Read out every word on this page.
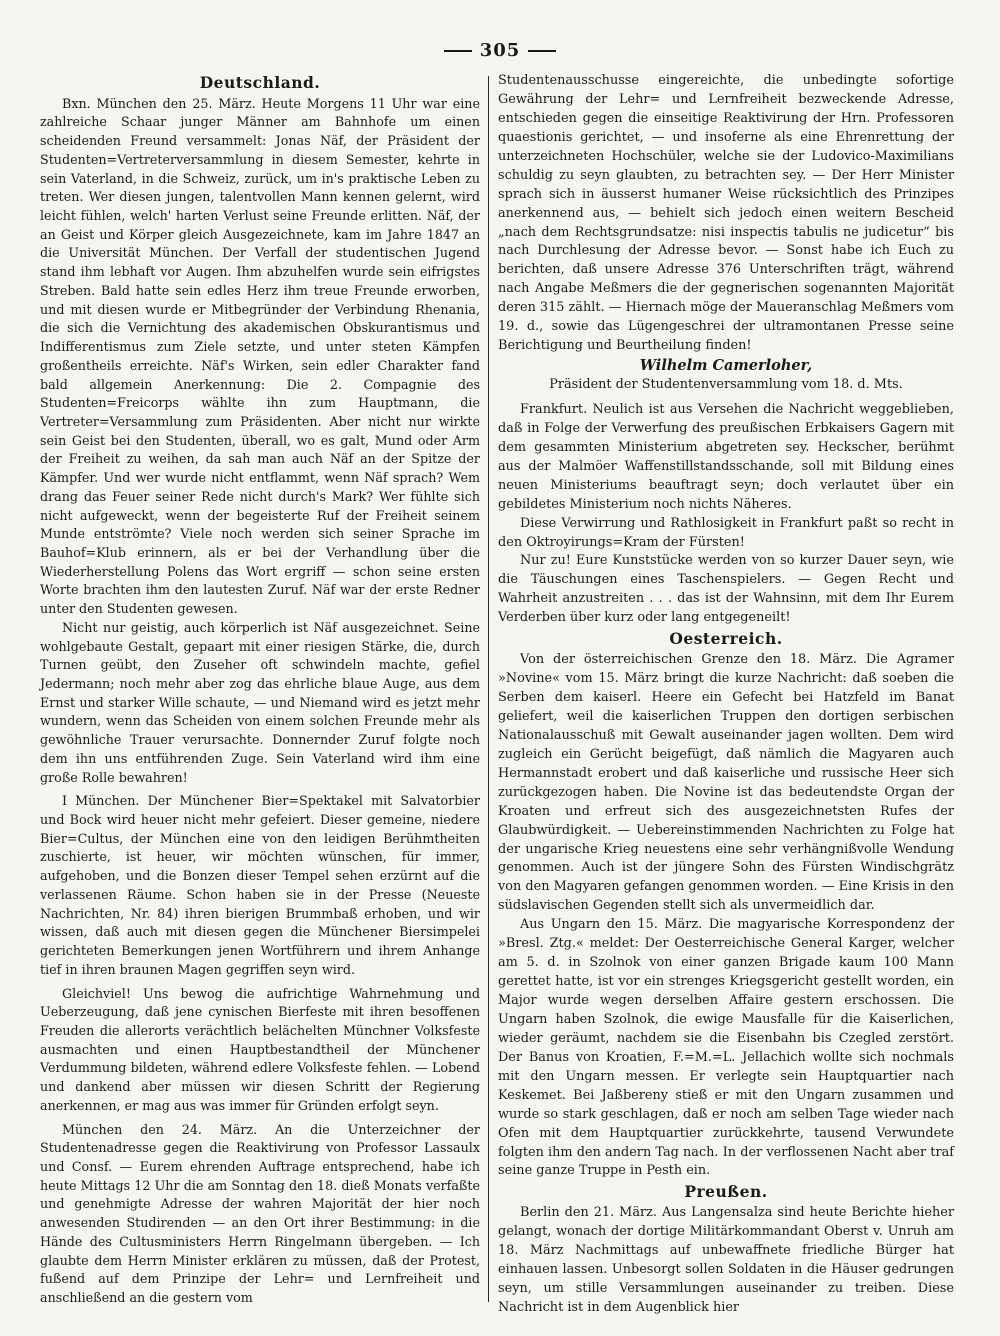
305
Deutschland.

Bxn. München den 25. März. Heute Morgens 11 Uhr war eine zahlreiche Schaar junger Männer am Bahnhofe um einen scheidenden Freund versammelt: Jonas Näf, der Präsident der Studenten=Vertreterversammlung in diesem Semester, kehrte in sein Vaterland, in die Schweiz, zurück, um in's praktische Leben zu treten. Wer diesen jungen, talentvollen Mann kennen gelernt, wird leicht fühlen, welch' harten Verlust seine Freunde erlitten. Näf, der an Geist und Körper gleich Ausgezeichnete, kam im Jahre 1847 an die Universität München. Der Verfall der studentischen Jugend stand ihm lebhaft vor Augen. Ihm abzuhelfen wurde sein eifrigstes Streben. Bald hatte sein edles Herz ihm treue Freunde erworben, und mit diesen wurde er Mitbegründer der Verbindung Rhenania, die sich die Vernichtung des akademischen Obskurantismus und Indifferentismus zum Ziele setzte, und unter steten Kämpfen großentheils erreichte. Näf's Wirken, sein edler Charakter fand bald allgemein Anerkennung: Die 2. Compagnie des Studenten=Freicorps wählte ihn zum Hauptmann, die Vertreter=Versammlung zum Präsidenten. Aber nicht nur wirkte sein Geist bei den Studenten, überall, wo es galt, Mund oder Arm der Freiheit zu weihen, da sah man auch Näf an der Spitze der Kämpfer. Und wer wurde nicht entflammt, wenn Näf sprach? Wem drang das Feuer seiner Rede nicht durch's Mark? Wer fühlte sich nicht aufgeweckt, wenn der begeisterte Ruf der Freiheit seinem Munde entströmte? Viele noch werden sich seiner Sprache im Bauhof=Klub erinnern, als er bei der Verhandlung über die Wiederherstellung Polens das Wort ergriff — schon seine ersten Worte brachten ihm den lautesten Zuruf. Näf war der erste Redner unter den Studenten gewesen.

Nicht nur geistig, auch körperlich ist Näf ausgezeichnet. Seine wohlgebaute Gestalt, gepaart mit einer riesigen Stärke, die, durch Turnen geübt, den Zuseher oft schwindeln machte, gefiel Jedermann; noch mehr aber zog das ehrliche blaue Auge, aus dem Ernst und starker Wille schaute, — und Niemand wird es jetzt mehr wundern, wenn das Scheiden von einem solchen Freunde mehr als gewöhnliche Trauer verursachte. Donnernder Zuruf folgte noch dem ihn uns entführenden Zuge. Sein Vaterland wird ihm eine große Rolle bewahren!

I München. Der Münchener Bier=Spektakel mit Salvatorbier und Bock wird heuer nicht mehr gefeiert. Dieser gemeine, niedere Bier=Cultus, der München eine von den leidigen Berühmtheiten zuschierte, ist heuer, wir möchten wünschen, für immer, aufgehoben, und die Bonzen dieser Tempel sehen erzürnt auf die verlassenen Räume. Schon haben sie in der Presse (Neueste Nachrichten, Nr. 84) ihren bierigen Brummbaß erhoben, und wir wissen, daß auch mit diesen gegen die Münchener Biersimpelei gerichteten Bemerkungen jenen Wortführern und ihrem Anhange tief in ihren braunen Magen gegriffen seyn wird.

Gleichviel! Uns bewog die aufrichtige Wahrnehmung und Ueberzeugung, daß jene cynischen Bierfeste mit ihren besoffenen Freuden die allerorts verächtlich belächelten Münchner Volksfeste ausmachten und einen Hauptbestandtheil der Münchener Verdummung bildeten, während edlere Volksfeste fehlen. — Lobend und dankend aber müssen wir diesen Schritt der Regierung anerkennen, er mag aus was immer für Gründen erfolgt seyn.

München den 24. März. An die Unterzeichner der Studentenadresse gegen die Reaktivirung von Professor Lassaulx und Consf. — Eurem ehrenden Auftrage entsprechend, habe ich heute Mittags 12 Uhr die am Sonntag den 18. dieß Monats verfaßte und genehmigte Adresse der wahren Majorität der hier noch anwesenden Studirenden — an den Ort ihrer Bestimmung: in die Hände des Cultusministers Herrn Ringelmann übergeben. — Ich glaubte dem Herrn Minister erklären zu müssen, daß der Protest, fußend auf dem Prinzipe der Lehr= und Lernfreiheit und anschließend an die gestern vom

Studentenausschusse eingereichte, die unbedingte sofortige Gewährung der Lehr= und Lernfreiheit bezweckende Adresse, entschieden gegen die einseitige Reaktivirung der Hrn. Professoren quaestionis gerichtet, — und insoferne als eine Ehrenrettung der unterzeichneten Hochschüler, welche sie der Ludovico-Maximilians schuldig zu seyn glaubten, zu betrachten sey. — Der Herr Minister sprach sich in äusserst humaner Weise rücksichtlich des Prinzipes anerkennend aus, — behielt sich jedoch einen weitern Bescheid „nach dem Rechtsgrundsatze: nisi inspectis tabulis ne judicetur“ bis nach Durchlesung der Adresse bevor. — Sonst habe ich Euch zu berichten, daß unsere Adresse 376 Unterschriften trägt, während nach Angabe Meßmers die der gegnerischen sogenannten Majorität deren 315 zählt. — Hiernach möge der Maueranschlag Meßmers vom 19. d., sowie das Lügengeschrei der ultramontanen Presse seine Berichtigung und Beurtheilung finden!

Wilhelm Camerloher,
Präsident der Studentenversammlung vom 18. d. Mts.

Frankfurt. Neulich ist aus Versehen die Nachricht weggeblieben, daß in Folge der Verwerfung des preußischen Erbkaisers Gagern mit dem gesammten Ministerium abgetreten sey. Heckscher, berühmt aus der Malmöer Waffenstillstandsschande, soll mit Bildung eines neuen Ministeriums beauftragt seyn; doch verlautet über ein gebildetes Ministerium noch nichts Näheres.

Diese Verwirrung und Rathlosigkeit in Frankfurt paßt so recht in den Oktroyirungs=Kram der Fürsten!

Nur zu! Eure Kunststücke werden von so kurzer Dauer seyn, wie die Täuschungen eines Taschenspielers. — Gegen Recht und Wahrheit anzustreiten . . . das ist der Wahnsinn, mit dem Ihr Eurem Verderben über kurz oder lang entgegeneilt!

Oesterreich.

Von der österreichischen Grenze den 18. März. Die Agramer »Novine« vom 15. März bringt die kurze Nachricht: daß soeben die Serben dem kaiserl. Heere ein Gefecht bei Hatzfeld im Banat geliefert, weil die kaiserlichen Truppen den dortigen serbischen Nationalausschuß mit Gewalt auseinander jagen wollten. Dem wird zugleich ein Gerücht beigefügt, daß nämlich die Magyaren auch Hermannstadt erobert und daß kaiserliche und russische Heer sich zurückgezogen haben. Die Novine ist das bedeutendste Organ der Kroaten und erfreut sich des ausgezeichnetsten Rufes der Glaubwürdigkeit. — Uebereinstimmenden Nachrichten zu Folge hat der ungarische Krieg neuestens eine sehr verhängnißvolle Wendung genommen. Auch ist der jüngere Sohn des Fürsten Windischgrätz von den Magyaren gefangen genommen worden. — Eine Krisis in den südslavischen Gegenden stellt sich als unvermeidlich dar.

Aus Ungarn den 15. März. Die magyarische Korrespondenz der »Bresl. Ztg.« meldet: Der Oesterreichische General Karger, welcher am 5. d. in Szolnok von einer ganzen Brigade kaum 100 Mann gerettet hatte, ist vor ein strenges Kriegsgericht gestellt worden, ein Major wurde wegen derselben Affaire gestern erschossen. Die Ungarn haben Szolnok, die ewige Mausfalle für die Kaiserlichen, wieder geräumt, nachdem sie die Eisenbahn bis Czegled zerstört. Der Banus von Kroatien, F.=M.=L. Jellachich wollte sich nochmals mit den Ungarn messen. Er verlegte sein Hauptquartier nach Keskemet. Bei Jaßbereny stieß er mit den Ungarn zusammen und wurde so stark geschlagen, daß er noch am selben Tage wieder nach Ofen mit dem Hauptquartier zurückkehrte, tausend Verwundete folgten ihm den andern Tag nach. In der verflossenen Nacht aber traf seine ganze Truppe in Pesth ein.

Preußen.

Berlin den 21. März. Aus Langensalza sind heute Berichte hieher gelangt, wonach der dortige Militärkommandant Oberst v. Unruh am 18. März Nachmittags auf unbewaffnete friedliche Bürger hat einhauen lassen. Unbesorgt sollen Soldaten in die Häuser gedrungen seyn, um stille Versammlungen auseinander zu treiben. Diese Nachricht ist in dem Augenblick hier
